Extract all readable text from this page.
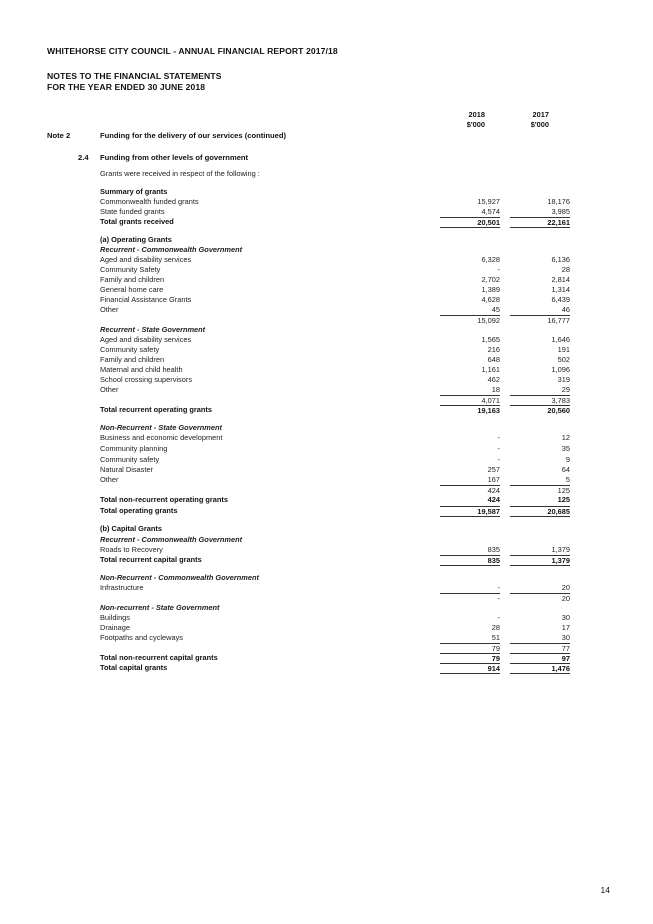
WHITEHORSE CITY COUNCIL - ANNUAL FINANCIAL REPORT 2017/18
NOTES TO THE FINANCIAL STATEMENTS
FOR THE YEAR ENDED 30 JUNE 2018
2018
$'000
2017
$'000
Note 2	Funding for the delivery of our services (continued)
2.4 Funding from other levels of government
Grants were received in respect of the following :
Summary of grants
Commonwealth funded grants	15,927	18,176
State funded grants	4,574	3,985
Total grants received	20,501	22,161
(a) Operating Grants
Recurrent - Commonwealth Government
Aged and disability services	6,328	6,136
Community Safety	-	28
Family and children	2,702	2,814
General home care	1,389	1,314
Financial Assistance Grants	4,628	6,439
Other	45	46
15,092	16,777
Recurrent - State Government
Aged and disability services	1,565	1,646
Community safety	216	191
Family and children	648	502
Maternal and child health	1,161	1,096
School crossing supervisors	462	319
Other	18	29
4,071	3,783
Total recurrent operating grants	19,163	20,560
Non-Recurrent - State Government
Business and economic development	-	12
Community planning	-	35
Community safety	-	9
Natural Disaster	257	64
Other	167	5
424	125
Total non-recurrent operating grants	424	125
Total operating grants	19,587	20,685
(b) Capital Grants
Recurrent - Commonwealth Government
Roads to Recovery	835	1,379
Total recurrent capital grants	835	1,379
Non-Recurrent - Commonwealth Government
Infrastructure	-	20
-	20
Non-recurrent - State Government
Buildings	-	30
Drainage	28	17
Footpaths and cycleways	51	30
79	77
Total non-recurrent capital grants	79	97
Total capital grants	914	1,476
14
